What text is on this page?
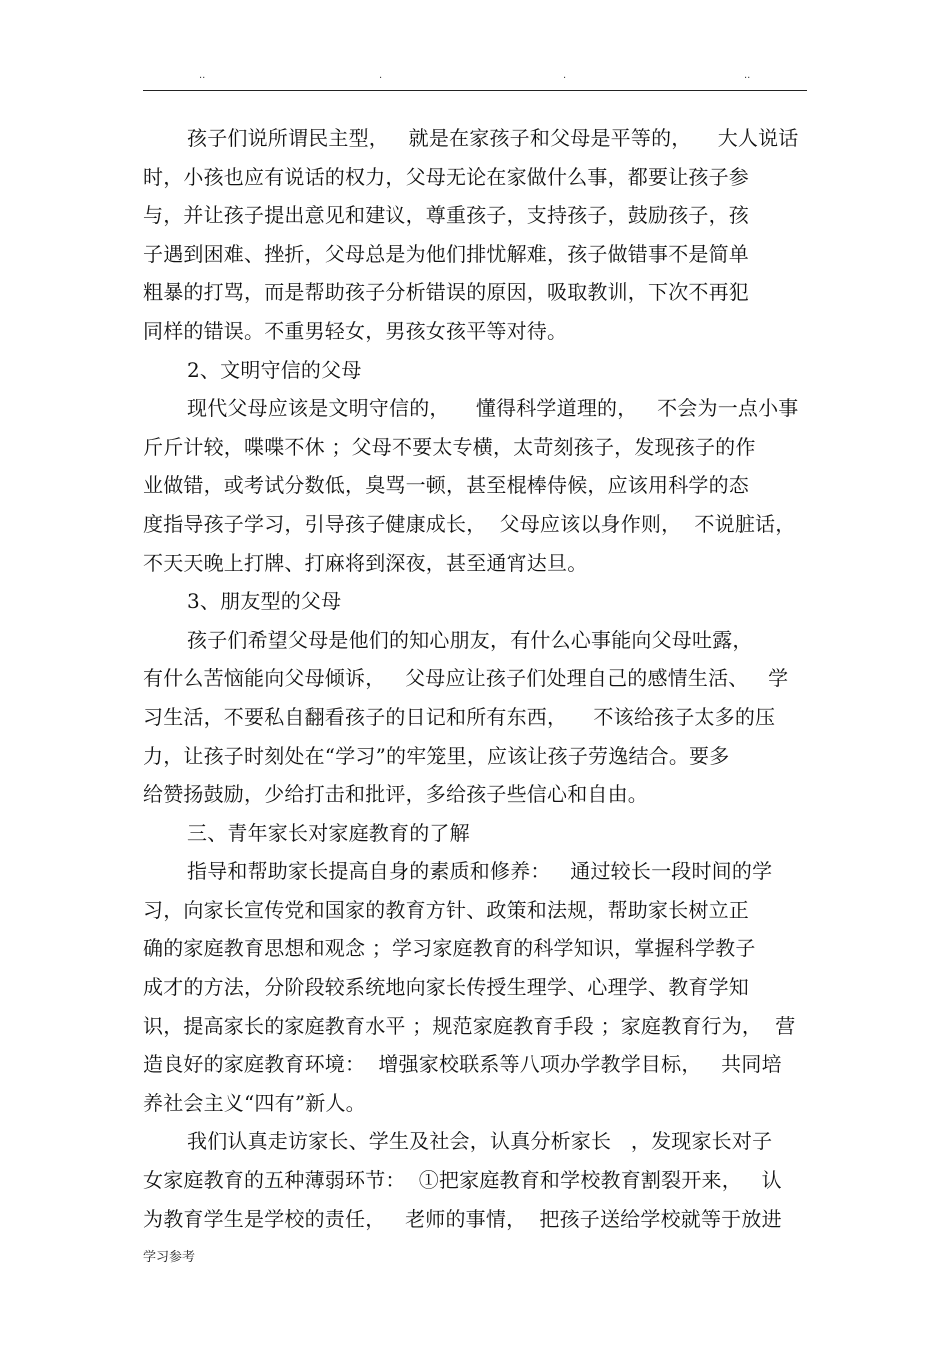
..	.	.	..
孩子们说所谓民主型，   就是在家孩子和父母是平等的，    大人说话
时，小孩也应有说话的权力，父母无论在家做什么事，都要让孩子参
与，并让孩子提出意见和建议，尊重孩子，支持孩子，鼓励孩子，孩
子遇到困难、挫折，父母总是为他们排忧解难，孩子做错事不是简单
粗暴的打骂，而是帮助孩子分析错误的原因，吸取教训，下次不再犯
同样的错误。不重男轻女，男孩女孩平等对待。
2、文明守信的父母
现代父母应该是文明守信的，    懂得科学道理的，   不会为一点小事
斤斤计较，喋喋不休 ；父母不要太专横，太苛刻孩子，发现孩子的作
业做错，或考试分数低，臭骂一顿，甚至棍棒侍候，应该用科学的态
度指导孩子学习，引导孩子健康成长，  父母应该以身作则，  不说脏话，
不天天晚上打牌、打麻将到深夜，甚至通宵达旦。
3、朋友型的父母
孩子们希望父母是他们的知心朋友，有什么心事能向父母吐露，
有什么苦恼能向父母倾诉，   父母应让孩子们处理自己的感情生活、   学
习生活，不要私自翻看孩子的日记和所有东西，    不该给孩子太多的压
力，让孩子时刻处在“学习”的牢笼里，应该让孩子劳逸结合。要多
给赞扬鼓励，少给打击和批评，多给孩子些信心和自由。
三、青年家长对家庭教育的了解
指导和帮助家长提高自身的素质和修养：   通过较长一段时间的学
习，向家长宣传党和国家的教育方针、政策和法规，帮助家长树立正
确的家庭教育思想和观念 ；学习家庭教育的科学知识，掌握科学教子
成才的方法，分阶段较系统地向家长传授生理学、心理学、教育学知
识，提高家长的家庭教育水平 ；规范家庭教育手段 ；家庭教育行为，  营
造良好的家庭教育环境：  增强家校联系等八项办学教学目标，   共同培
养社会主义“四有”新人。
我们认真走访家长、学生及社会，认真分析家长   ，发现家长对子
女家庭教育的五种薄弱环节：  ①把家庭教育和学校教育割裂开来，   认
为教育学生是学校的责任，   老师的事情，  把孩子送给学校就等于放进
学习参考
